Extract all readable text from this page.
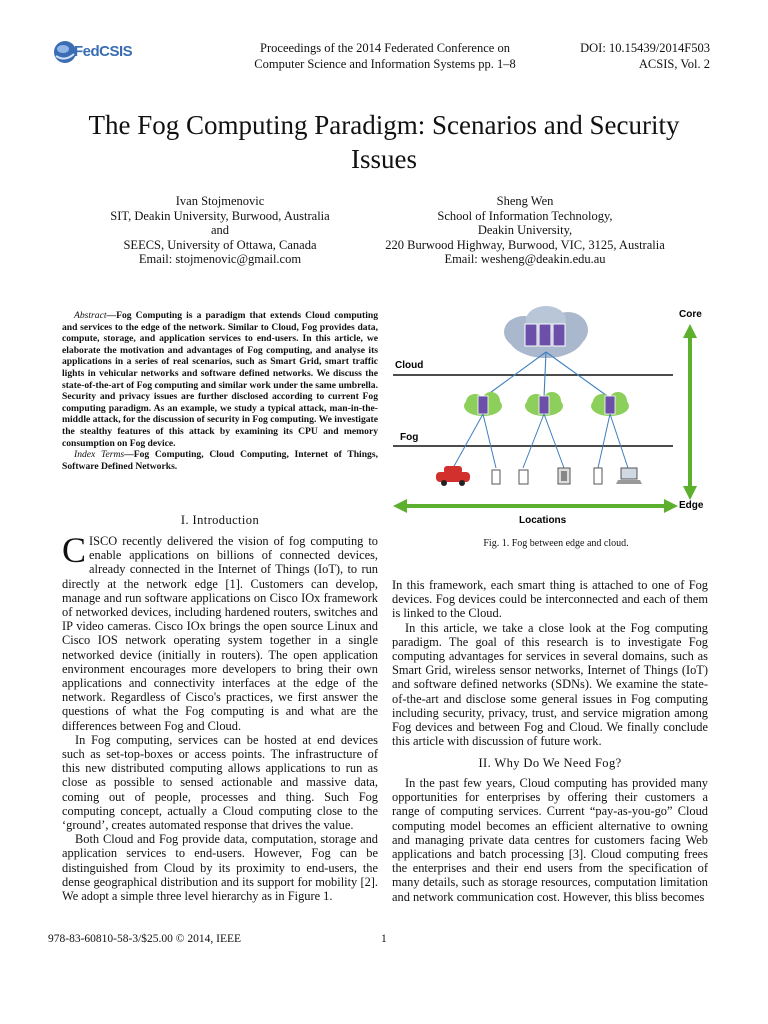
FedCSIS	Proceedings of the 2014 Federated Conference on
Computer Science and Information Systems pp. 1–8
DOI: 10.15439/2014F503
ACSIS, Vol. 2
The Fog Computing Paradigm: Scenarios and Security Issues
Ivan Stojmenovic
SIT, Deakin University, Burwood, Australia
and
SEECS, University of Ottawa, Canada
Email: stojmenovic@gmail.com
Sheng Wen
School of Information Technology,
Deakin University,
220 Burwood Highway, Burwood, VIC, 3125, Australia
Email: wesheng@deakin.edu.au
Abstract—Fog Computing is a paradigm that extends Cloud computing and services to the edge of the network. Similar to Cloud, Fog provides data, compute, storage, and application services to end-users. In this article, we elaborate the motivation and advantages of Fog computing, and analyse its applications in a series of real scenarios, such as Smart Grid, smart traffic lights in vehicular networks and software defined networks. We discuss the state-of-the-art of Fog computing and similar work under the same umbrella. Security and privacy issues are further disclosed according to current Fog computing paradigm. As an example, we study a typical attack, man-in-the-middle attack, for the discussion of security in Fog computing. We investigate the stealthy features of this attack by examining its CPU and memory consumption on Fog device.
Index Terms—Fog Computing, Cloud Computing, Internet of Things, Software Defined Networks.
I. Introduction

CISCO recently delivered the vision of fog computing to enable applications on billions of connected devices, already connected in the Internet of Things (IoT), to run directly at the network edge [1]. Customers can develop, manage and run software applications on Cisco IOx framework of networked devices, including hardened routers, switches and IP video cameras. Cisco IOx brings the open source Linux and Cisco IOS network operating system together in a single networked device (initially in routers). The open application environment encourages more developers to bring their own applications and connectivity interfaces at the edge of the network. Regardless of Cisco's practices, we first answer the questions of what the Fog computing is and what are the differences between Fog and Cloud.

In Fog computing, services can be hosted at end devices such as set-top-boxes or access points. The infrastructure of this new distributed computing allows applications to run as close as possible to sensed actionable and massive data, coming out of people, processes and thing. Such Fog computing concept, actually a Cloud computing close to the ‘ground’, creates automated response that drives the value.

Both Cloud and Fog provide data, computation, storage and application services to end-users. However, Fog can be distinguished from Cloud by its proximity to end-users, the dense geographical distribution and its support for mobility [2]. We adopt a simple three level hierarchy as in Figure 1.

Cloud
Fog
Core
Edge
Locations
Fig. 1. Fog between edge and cloud.

In this framework, each smart thing is attached to one of Fog devices. Fog devices could be interconnected and each of them is linked to the Cloud.

In this article, we take a close look at the Fog computing paradigm. The goal of this research is to investigate Fog computing advantages for services in several domains, such as Smart Grid, wireless sensor networks, Internet of Things (IoT) and software defined networks (SDNs). We examine the state-of-the-art and disclose some general issues in Fog computing including security, privacy, trust, and service migration among Fog devices and between Fog and Cloud. We finally conclude this article with discussion of future work.

II. Why Do We Need Fog?

In the past few years, Cloud computing has provided many opportunities for enterprises by offering their customers a range of computing services. Current “pay-as-you-go” Cloud computing model becomes an efficient alternative to owning and managing private data centres for customers facing Web applications and batch processing [3]. Cloud computing frees the enterprises and their end users from the specification of many details, such as storage resources, computation limitation and network communication cost. However, this bliss becomes

978-83-60810-58-3/$25.00 © 2014, IEEE	1
